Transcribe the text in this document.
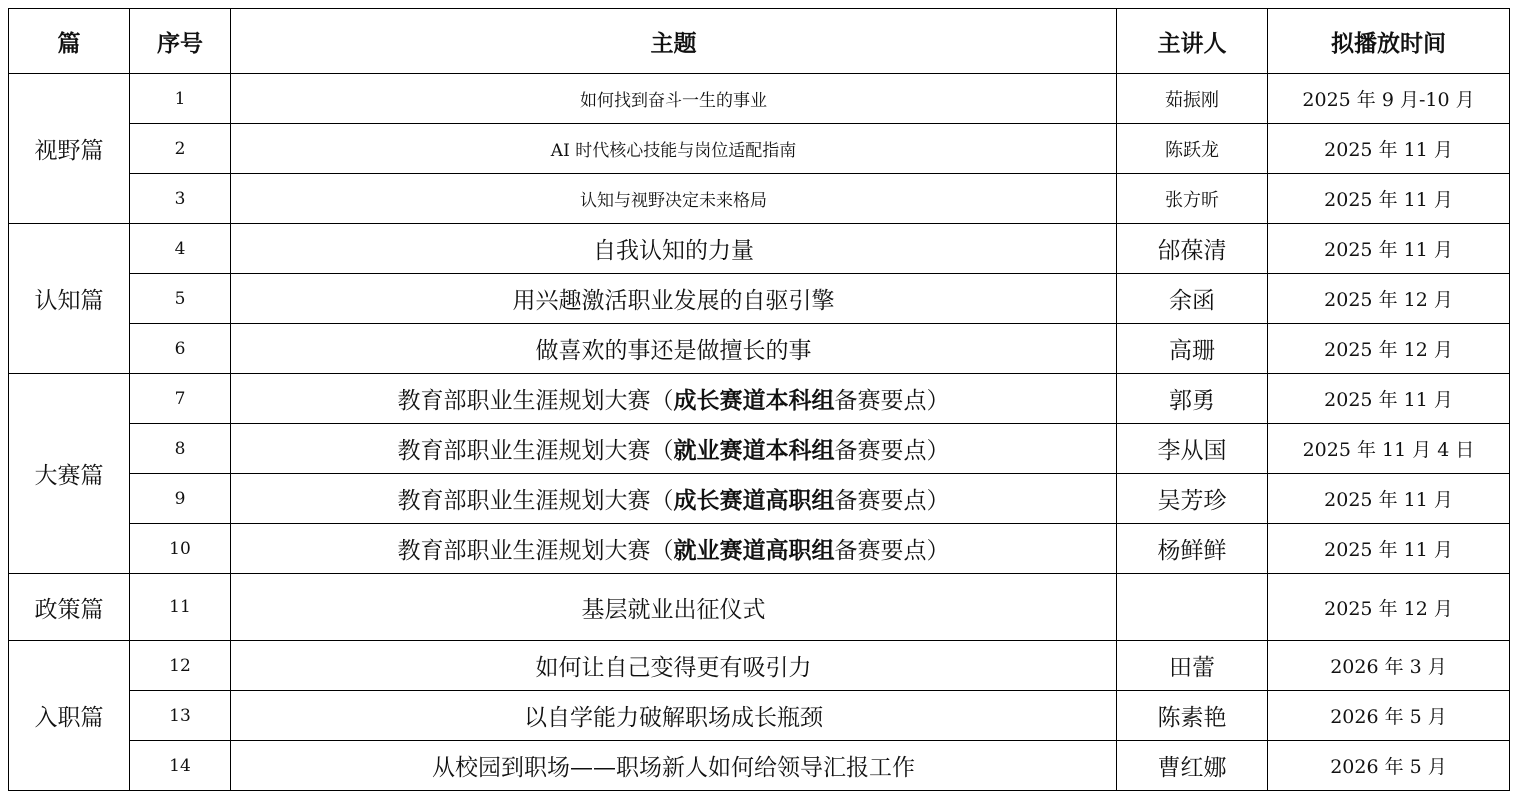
篇	序号	主题	主讲人	拟播放时间
视野篇	1	如何找到奋斗一生的事业	茹振刚	2025 年 9 月-10 月
	2	AI 时代核心技能与岗位适配指南	陈跃龙	2025 年 11 月
	3	认知与视野决定未来格局	张方昕	2025 年 11 月
认知篇	4	自我认知的力量	邰葆清	2025 年 11 月
	5	用兴趣激活职业发展的自驱引擎	余函	2025 年 12 月
	6	做喜欢的事还是做擅长的事	高珊	2025 年 12 月
大赛篇	7	教育部职业生涯规划大赛（成长赛道本科组备赛要点）	郭勇	2025 年 11 月
	8	教育部职业生涯规划大赛（就业赛道本科组备赛要点）	李从国	2025 年 11 月 4 日
	9	教育部职业生涯规划大赛（成长赛道高职组备赛要点）	吴芳珍	2025 年 11 月
	10	教育部职业生涯规划大赛（就业赛道高职组备赛要点）	杨鲜鲜	2025 年 11 月
政策篇	11	基层就业出征仪式		2025 年 12 月
入职篇	12	如何让自己变得更有吸引力	田蕾	2026 年 3 月
	13	以自学能力破解职场成长瓶颈	陈素艳	2026 年 5 月
	14	从校园到职场——职场新人如何给领导汇报工作	曹红娜	2026 年 5 月
